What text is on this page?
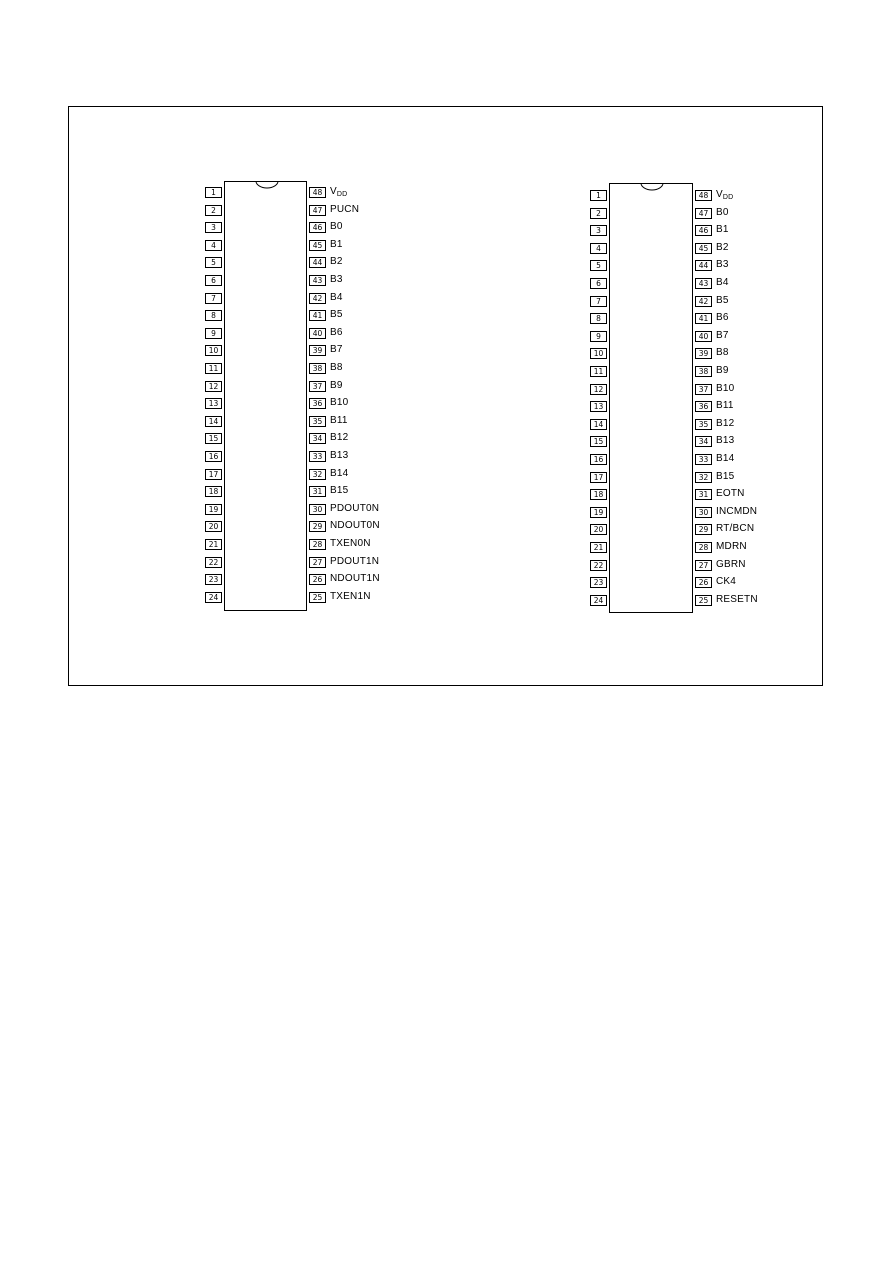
1
2
3
4
5
6
7
8
9
10
11
12
13
14
15
16
17
18
19
20
21
22
23
24
48 $V_{DD}$
47 PUCN
46 B0
45 B1
44 B2
43 B3
42 B4
41 B5
40 B6
39 B7
38 B8
37 B9
36 B10
35 B11
34 B12
33 B13
32 B14
31 B15
30 PDOUT0N
29 NDOUT0N
28 TXEN0N
27 PDOUT1N
26 NDOUT1N
25 TXEN1N
1
2
3
4
5
6
7
8
9
10
11
12
13
14
15
16
17
18
19
20
21
22
23
24
48 $V_{DD}$
47 B0
46 B1
45 B2
44 B3
43 B4
42 B5
41 B6
40 B7
39 B8
38 B9
37 B10
36 B11
35 B12
34 B13
33 B14
32 B15
31 EOTN
30 INCMDN
29 RT/BCN
28 MDRN
27 GBRN
26 CK4
25 RESETN
